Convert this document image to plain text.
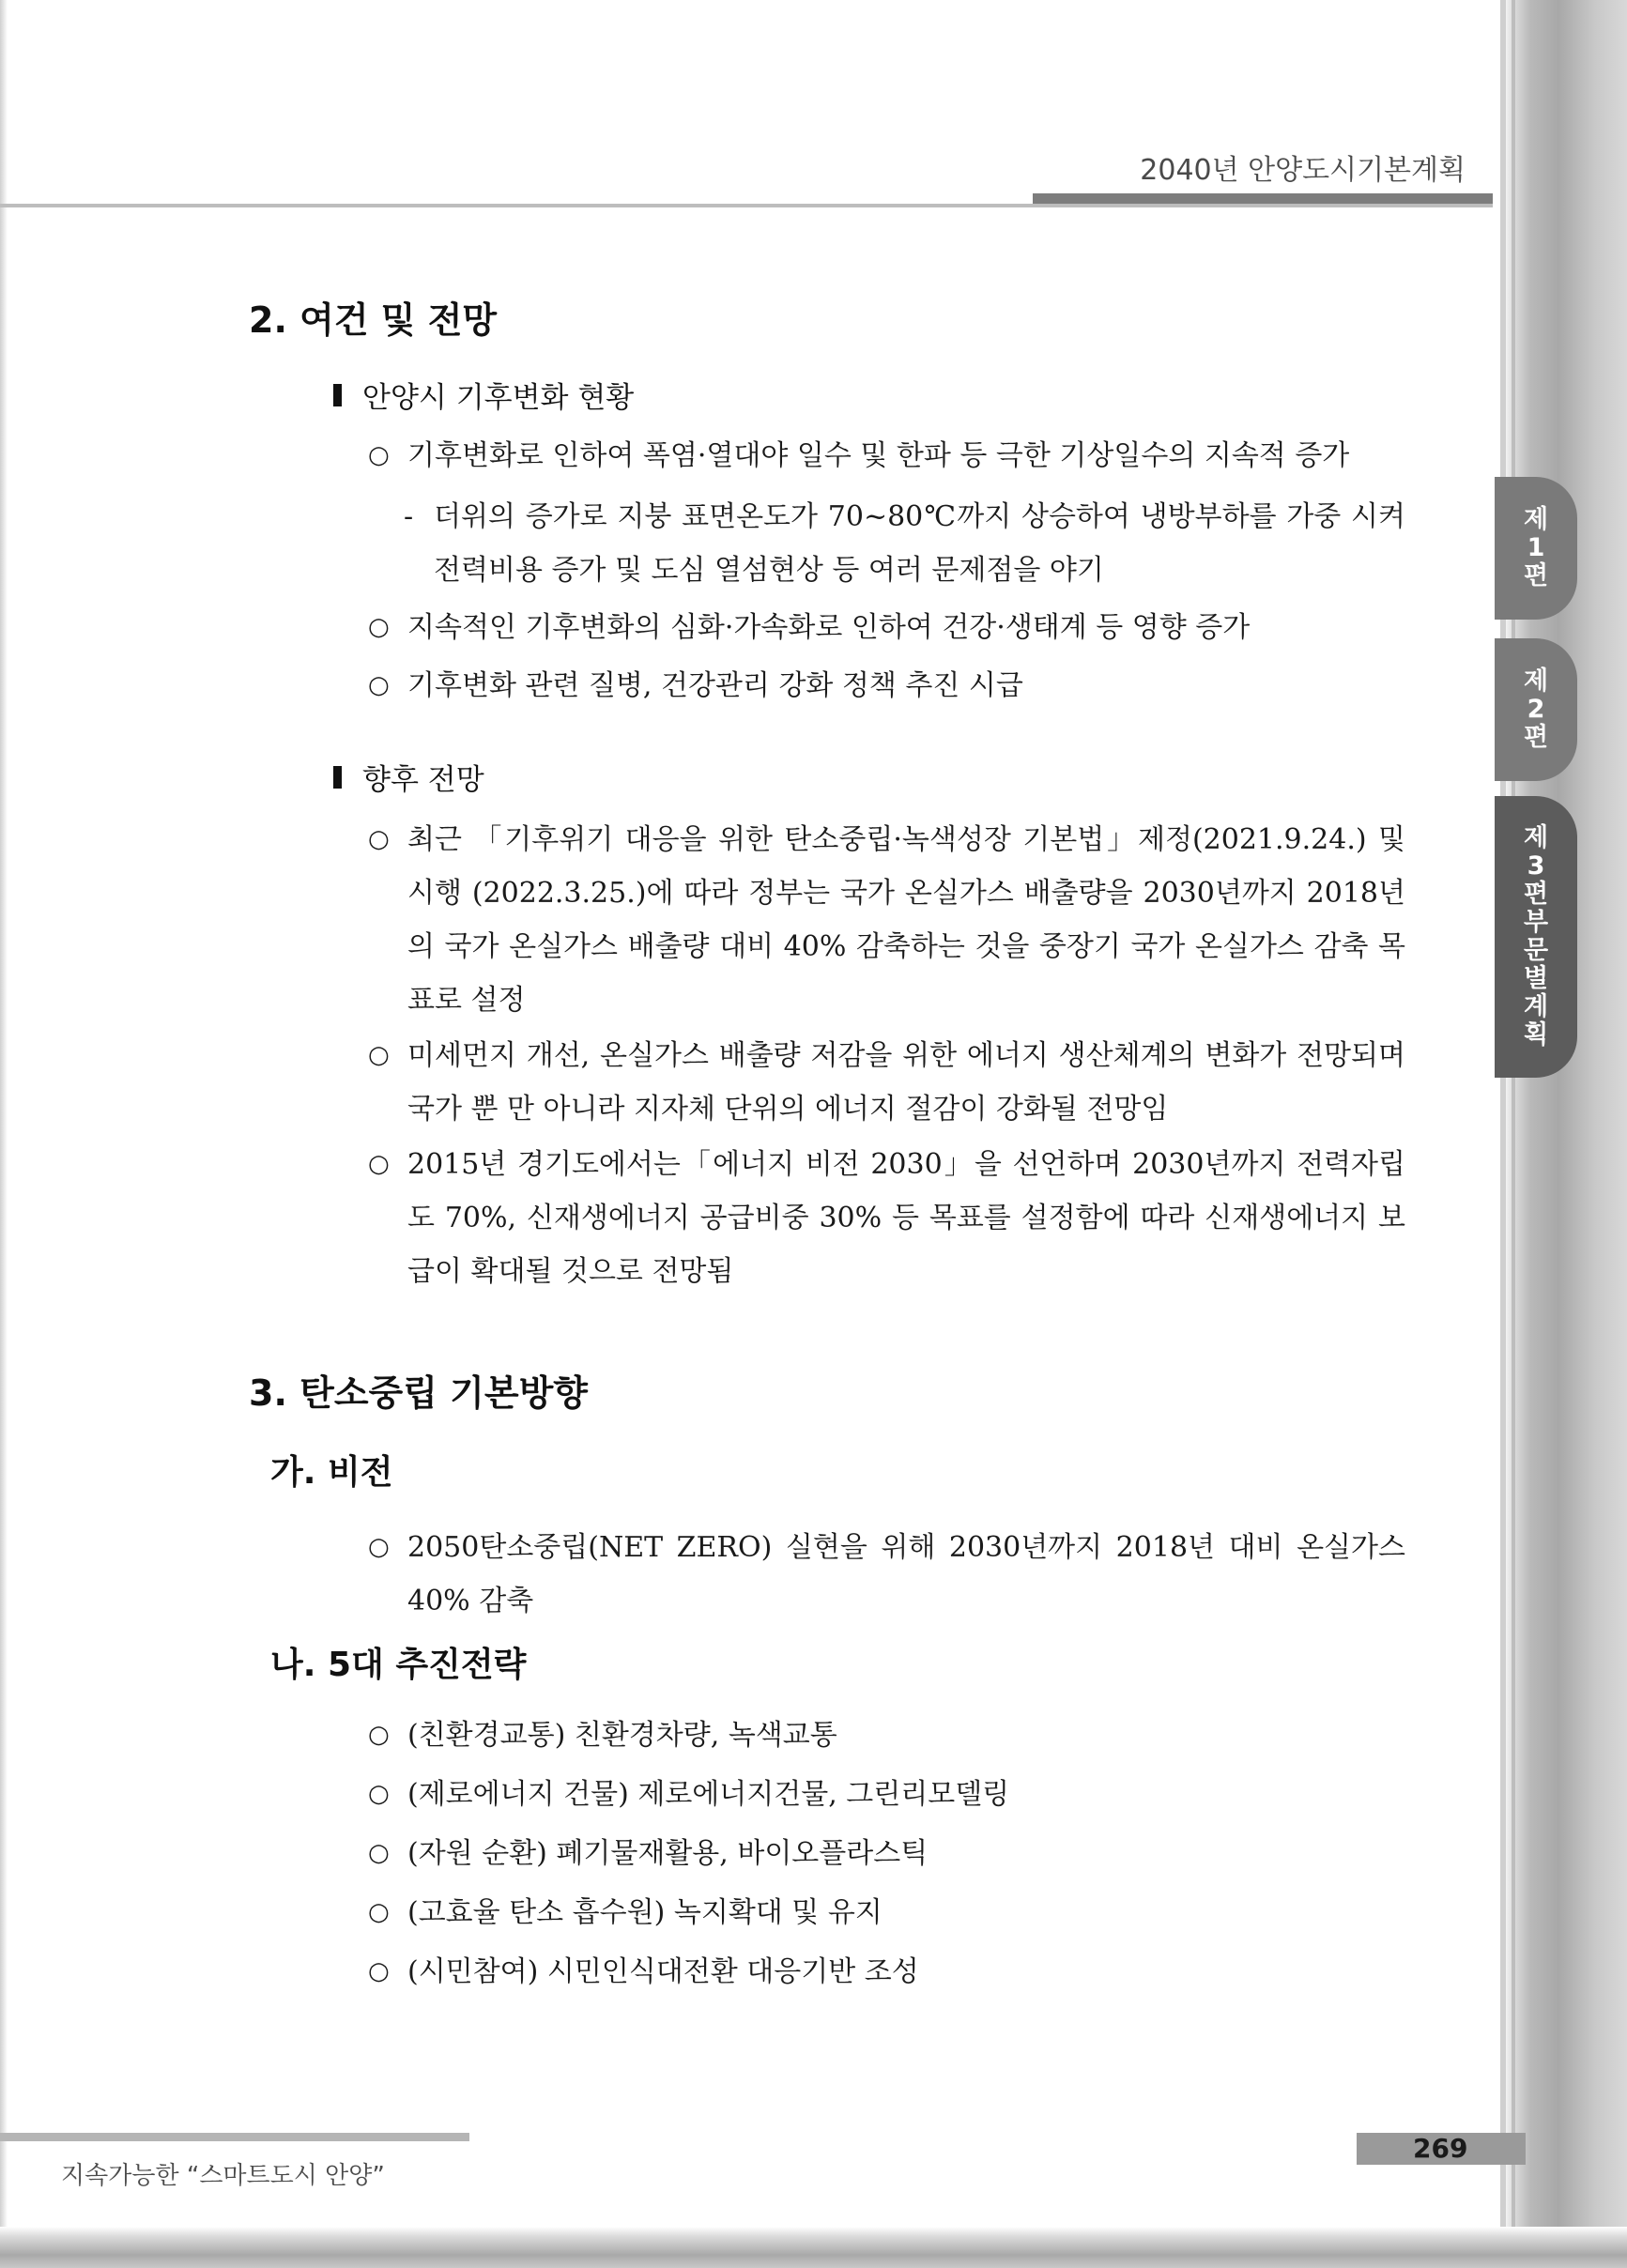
2040년 안양도시기본계획
제
1
편
제
2
편
제
3
편
부
문
별
계
획
2. 여건 및 전망
안양시 기후변화 현황
○ 기후변화로 인하여 폭염·열대야 일수 및 한파 등 극한 기상일수의 지속적 증가
- 더위의 증가로 지붕 표면온도가 70~80℃까지 상승하여 냉방부하를 가중 시켜 전력비용 증가 및 도심 열섬현상 등 여러 문제점을 야기
○ 지속적인 기후변화의 심화·가속화로 인하여 건강·생태계 등 영향 증가
○ 기후변화 관련 질병, 건강관리 강화 정책 추진 시급
향후 전망
○ 최근 「기후위기 대응을 위한 탄소중립·녹색성장 기본법」제정(2021.9.24.) 및 시행 (2022.3.25.)에 따라 정부는 국가 온실가스 배출량을 2030년까지 2018년의 국가 온실가스 배출량 대비 40% 감축하는 것을 중장기 국가 온실가스 감축 목표로 설정
○ 미세먼지 개선, 온실가스 배출량 저감을 위한 에너지 생산체계의 변화가 전망되며 국가 뿐 만 아니라 지자체 단위의 에너지 절감이 강화될 전망임
○ 2015년 경기도에서는「에너지 비전 2030」을 선언하며 2030년까지 전력자립도 70%, 신재생에너지 공급비중 30% 등 목표를 설정함에 따라 신재생에너지 보급이 확대될 것으로 전망됨
3. 탄소중립 기본방향
가. 비전
○ 2050탄소중립(NET ZERO) 실현을 위해 2030년까지 2018년 대비 온실가스 40% 감축
나. 5대 추진전략
○ (친환경교통) 친환경차량, 녹색교통
○ (제로에너지 건물) 제로에너지건물, 그린리모델링
○ (자원 순환) 폐기물재활용, 바이오플라스틱
○ (고효율 탄소 흡수원) 녹지확대 및 유지
○ (시민참여) 시민인식대전환 대응기반 조성
지속가능한 “스마트도시 안양”
269
